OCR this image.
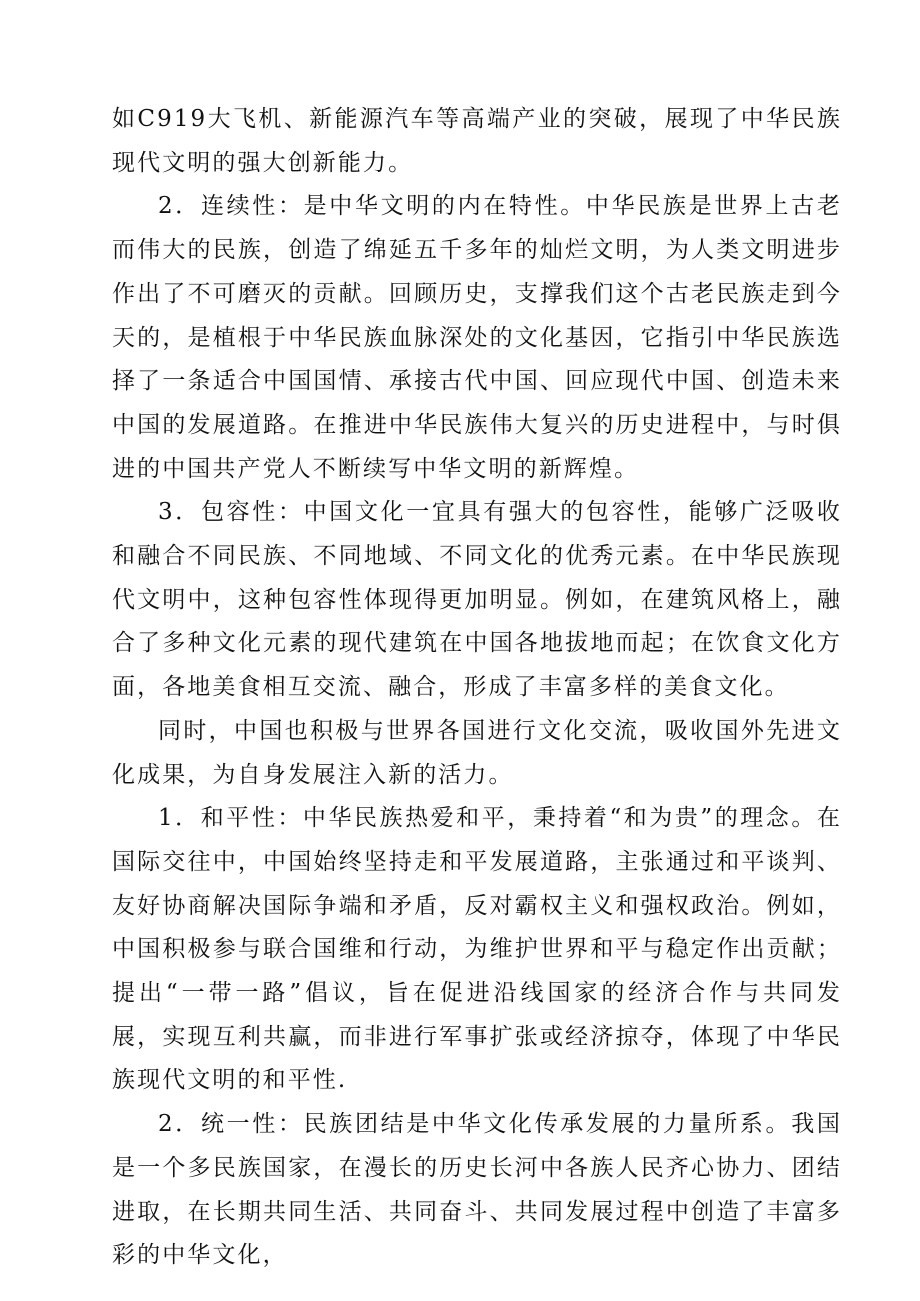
如C919大飞机、新能源汽车等高端产业的突破，展现了中华民族现代文明的强大创新能力。

2．连续性：是中华文明的内在特性。中华民族是世界上古老而伟大的民族，创造了绵延五千多年的灿烂文明，为人类文明进步作出了不可磨灭的贡献。回顾历史，支撑我们这个古老民族走到今天的，是植根于中华民族血脉深处的文化基因，它指引中华民族选择了一条适合中国国情、承接古代中国、回应现代中国、创造未来中国的发展道路。在推进中华民族伟大复兴的历史进程中，与时俱进的中国共产党人不断续写中华文明的新辉煌。

3．包容性：中国文化一宜具有强大的包容性，能够广泛吸收和融合不同民族、不同地域、不同文化的优秀元素。在中华民族现代文明中，这种包容性体现得更加明显。例如，在建筑风格上，融合了多种文化元素的现代建筑在中国各地拔地而起；在饮食文化方面，各地美食相互交流、融合，形成了丰富多样的美食文化。

同时，中国也积极与世界各国进行文化交流，吸收国外先进文化成果，为自身发展注入新的活力。

1．和平性：中华民族热爱和平，秉持着“和为贵”的理念。在国际交往中，中国始终坚持走和平发展道路，主张通过和平谈判、友好协商解决国际争端和矛盾，反对霸权主义和强权政治。例如，中国积极参与联合国维和行动，为维护世界和平与稳定作出贡献；提出“一带一路”倡议，旨在促进沿线国家的经济合作与共同发展，实现互利共赢，而非进行军事扩张或经济掠夺，体现了中华民族现代文明的和平性.

2．统一性：民族团结是中华文化传承发展的力量所系。我国是一个多民族国家，在漫长的历史长河中各族人民齐心协力、团结进取，在长期共同生活、共同奋斗、共同发展过程中创造了丰富多彩的中华文化，
